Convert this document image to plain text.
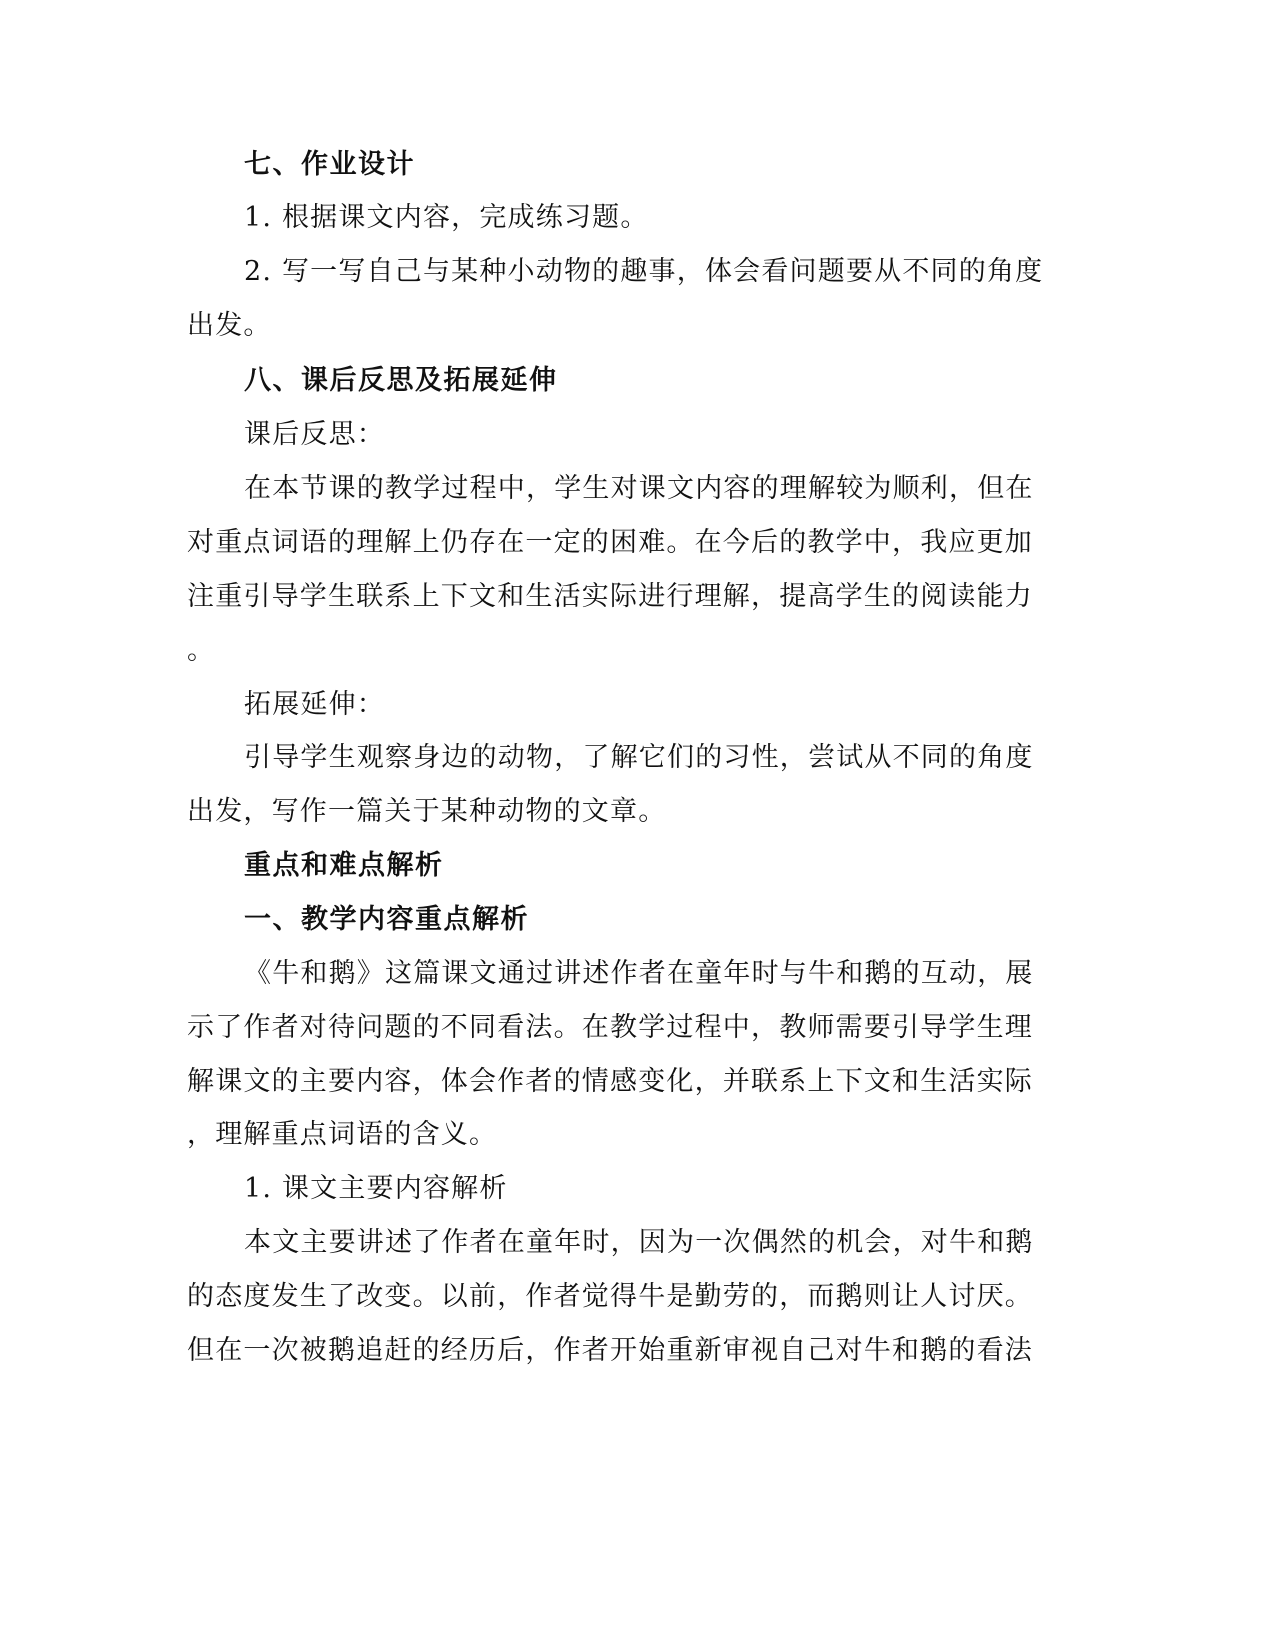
七、作业设计
1. 根据课文内容，完成练习题。
2. 写一写自己与某种小动物的趣事，体会看问题要从不同的角度
出发。
八、课后反思及拓展延伸
课后反思：
在本节课的教学过程中，学生对课文内容的理解较为顺利，但在
对重点词语的理解上仍存在一定的困难。在今后的教学中，我应更加
注重引导学生联系上下文和生活实际进行理解，提高学生的阅读能力
。
拓展延伸：
引导学生观察身边的动物，了解它们的习性，尝试从不同的角度
出发，写作一篇关于某种动物的文章。
重点和难点解析
一、教学内容重点解析
《牛和鹅》这篇课文通过讲述作者在童年时与牛和鹅的互动，展
示了作者对待问题的不同看法。在教学过程中，教师需要引导学生理
解课文的主要内容，体会作者的情感变化，并联系上下文和生活实际
，理解重点词语的含义。
1. 课文主要内容解析
本文主要讲述了作者在童年时，因为一次偶然的机会，对牛和鹅
的态度发生了改变。以前，作者觉得牛是勤劳的，而鹅则让人讨厌。
但在一次被鹅追赶的经历后，作者开始重新审视自己对牛和鹅的看法
